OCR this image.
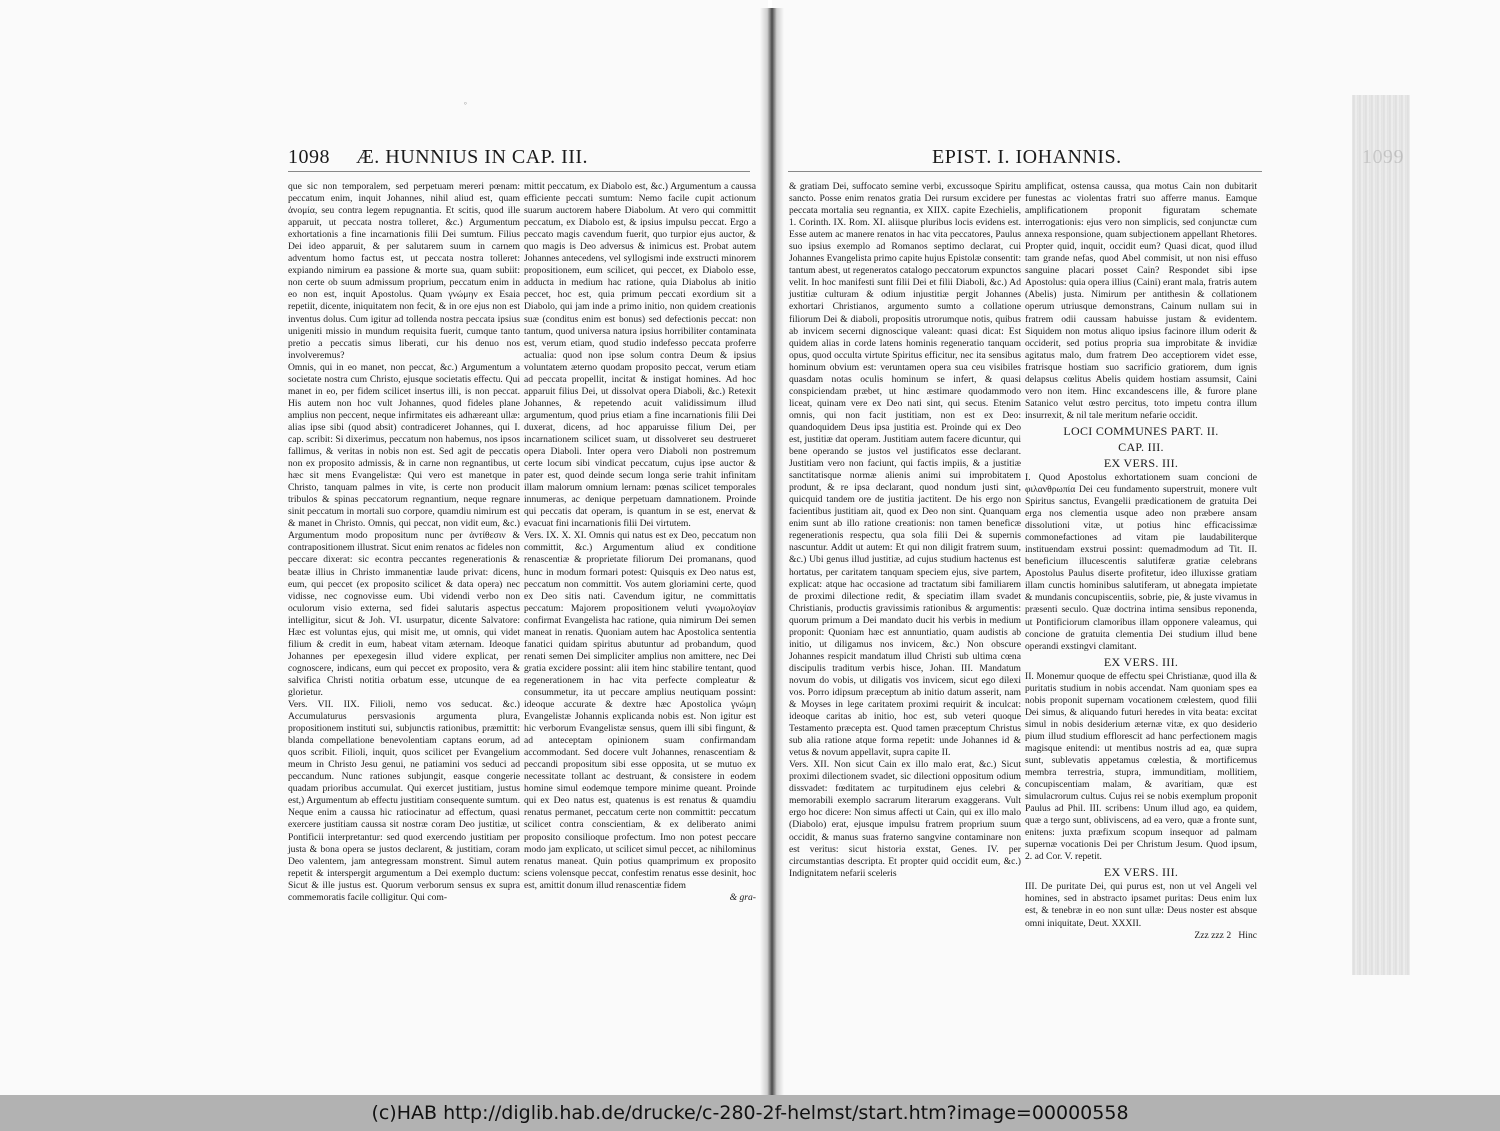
°
1098 Æ. HUNNIUS IN CAP. III.

que sic non temporalem, sed perpetuam mereri pœnam: peccatum enim, inquit Johannes, nihil aliud est, quam ἀνομία, seu contra legem repugnantia. Et scitis, quod ille apparuit, ut peccata nostra tolleret, &c.) Argumentum exhortationis a fine incarnationis filii Dei sumtum. Filius Dei ideo apparuit, & per salutarem suum in carnem adventum homo factus est, ut peccata nostra tolleret: expiando nimirum ea passione & morte sua, quam subiit: non certe ob suum admissum proprium, peccatum enim in eo non est, inquit Apostolus. Quam γνώμην ex Esaia repetiit, dicente, iniquitatem non fecit, & in ore ejus non est inventus dolus. Cum igitur ad tollenda nostra peccata ipsius unigeniti missio in mundum requisita fuerit, cumque tanto pretio a peccatis simus liberati, cur his denuo nos involveremus?

Omnis, qui in eo manet, non peccat, &c.) Argumentum a societate nostra cum Christo, ejusque societatis effectu. Qui manet in eo, per fidem scilicet insertus illi, is non peccat. His autem non hoc vult Johannes, quod fideles plane amplius non peccent, neque infirmitates eis adhæreant ullæ: alias ipse sibi (quod absit) contradiceret Johannes, qui I. cap. scribit: Si dixerimus, peccatum non habemus, nos ipsos fallimus, & veritas in nobis non est. Sed agit de peccatis non ex proposito admissis, & in carne non regnantibus, ut hæc sit mens Evangelistæ: Qui vero est manetque in Christo, tanquam palmes in vite, is certe non producit tribulos & spinas peccatorum regnantium, neque regnare sinit peccatum in mortali suo corpore, quamdiu nimirum est & manet in Christo. Omnis, qui peccat, non vidit eum, &c.) Argumentum modo propositum nunc per ἀντίθεσιν & contrapositionem illustrat. Sicut enim renatos ac fideles non peccare dixerat: sic econtra peccantes regenerationis & beatæ illius in Christo immanentiæ laude privat: dicens, eum, qui peccet (ex proposito scilicet & data opera) nec vidisse, nec cognovisse eum. Ubi videndi verbo non oculorum visio externa, sed fidei salutaris aspectus intelligitur, sicut & Joh. VI. usurpatur, dicente Salvatore: Hæc est voluntas ejus, qui misit me, ut omnis, qui videt filium & credit in eum, habeat vitam æternam. Ideoque Johannes per epexegesin illud videre explicat, per cognoscere, indicans, eum qui peccet ex proposito, vera & salvifica Christi notitia orbatum esse, utcunque de ea glorietur.

Vers. VII. IIX. Filioli, nemo vos seducat. &c.) Accumulaturus persvasionis argumenta plura, propositionem instituti sui, subjunctis rationibus, præmittit: blanda compellatione benevolentiam captans eorum, ad quos scribit. Filioli, inquit, quos scilicet per Evangelium meum in Christo Jesu genui, ne patiamini vos seduci ad peccandum. Nunc rationes subjungit, easque congerie quadam prioribus accumulat. Qui exercet justitiam, justus est,) Argumentum ab effectu justitiam consequente sumtum. Neque enim a caussa hic ratiocinatur ad effectum, quasi exercere justitiam caussa sit nostræ coram Deo justitiæ, ut Pontificii interpretantur: sed quod exercendo justitiam per justa & bona opera se justos declarent, & justitiam, coram Deo valentem, jam antegressam monstrent. Simul autem repetit & interspergit argumentum a Dei exemplo ductum: Sicut & ille justus est. Quorum verborum sensus ex supra commemoratis facile colligitur. Qui com-

mittit peccatum, ex Diabolo est, &c.) Argumentum a caussa efficiente peccati sumtum: Nemo facile cupit actionum suarum auctorem habere Diabolum. At vero qui committit peccatum, ex Diabolo est, & ipsius impulsu peccat. Ergo a peccato magis cavendum fuerit, quo turpior ejus auctor, & quo magis is Deo adversus & inimicus est. Probat autem Johannes antecedens, vel syllogismi inde exstructi minorem propositionem, eum scilicet, qui peccet, ex Diabolo esse, adducta in medium hac ratione, quia Diabolus ab initio peccet, hoc est, quia primum peccati exordium sit a Diabolo, qui jam inde a primo initio, non quidem creationis suæ (conditus enim est bonus) sed defectionis peccat: non tantum, quod universa natura ipsius horribiliter contaminata est, verum etiam, quod studio indefesso peccata proferre actualia: quod non ipse solum contra Deum & ipsius voluntatem æterno quodam proposito peccat, verum etiam ad peccata propellit, incitat & instigat homines. Ad hoc apparuit filius Dei, ut dissolvat opera Diaboli, &c.) Retexit Johannes, & repetendo acuit validissimum illud argumentum, quod prius etiam a fine incarnationis filii Dei duxerat, dicens, ad hoc apparuisse filium Dei, per incarnationem scilicet suam, ut dissolveret seu destrueret opera Diaboli. Inter opera vero Diaboli non postremum certe locum sibi vindicat peccatum, cujus ipse auctor & pater est, quod deinde secum longa serie trahit infinitam illam malorum omnium lernam: pœnas scilicet temporales innumeras, ac denique perpetuam damnationem. Proinde qui peccatis dat operam, is quantum in se est, enervat & evacuat fini incarnationis filii Dei virtutem.

Vers. IX. X. XI. Omnis qui natus est ex Deo, peccatum non committit, &c.) Argumentum aliud ex conditione renascentiæ & proprietate filiorum Dei promanans, quod hunc in modum formari potest: Quisquis ex Deo natus est, peccatum non committit. Vos autem gloriamini certe, quod ex Deo sitis nati. Cavendum igitur, ne committatis peccatum: Majorem propositionem veluti γνωμολογίαν confirmat Evangelista hac ratione, quia nimirum Dei semen maneat in renatis. Quoniam autem hac Apostolica sententia fanatici quidam spiritus abutuntur ad probandum, quod renati semen Dei simpliciter amplius non amittere, nec Dei gratia excidere possint: alii item hinc stabilire tentant, quod regenerationem in hac vita perfecte compleatur & consummetur, ita ut peccare amplius neutiquam possint: ideoque accurate & dextre hæc Apostolica γνώμη Evangelistæ Johannis explicanda nobis est. Non igitur est hic verborum Evangelistæ sensus, quem illi sibi fingunt, & ad anteceptam opinionem suam confirmandam accommodant. Sed docere vult Johannes, renascentiam & peccandi propositum sibi esse opposita, ut se mutuo ex necessitate tollant ac destruant, & consistere in eodem homine simul eodemque tempore minime queant. Proinde qui ex Deo natus est, quatenus is est renatus & quamdiu renatus permanet, peccatum certe non committit: peccatum scilicet contra conscientiam, & ex deliberato animi proposito consilioque profectum. Imo non potest peccare modo jam explicato, ut scilicet simul peccet, ac nihilominus renatus maneat. Quin potius quamprimum ex proposito sciens volensque peccat, confestim renatus esse desinit, hoc est, amittit donum illud renascentiæ fidem

& gra-

EPIST. I. IOHANNIS.

& gratiam Dei, suffocato semine verbi, excussoque Spiritu sancto. Posse enim renatos gratia Dei rursum excidere per peccata mortalia seu regnantia, ex XIIX. capite Ezechielis, 1. Corinth. IX. Rom. XI. aliisque pluribus locis evidens est. Esse autem ac manere renatos in hac vita peccatores, Paulus suo ipsius exemplo ad Romanos septimo declarat, cui Johannes Evangelista primo capite hujus Epistolæ consentit: tantum abest, ut regeneratos catalogo peccatorum expunctos velit. In hoc manifesti sunt filii Dei et filii Diaboli, &c.) Ad justitiæ culturam & odium injustitiæ pergit Johannes exhortari Christianos, argumento sumto a collatione filiorum Dei & diaboli, propositis utrorumque notis, quibus ab invicem secerni dignoscique valeant: quasi dicat: Est quidem alias in corde latens hominis regeneratio tanquam opus, quod occulta virtute Spiritus efficitur, nec ita sensibus hominum obvium est: veruntamen opera sua ceu visibiles quasdam notas oculis hominum se infert, & quasi conspiciendam præbet, ut hinc æstimare quodammodo liceat, quinam vere ex Deo nati sint, qui secus. Etenim omnis, qui non facit justitiam, non est ex Deo: quandoquidem Deus ipsa justitia est. Proinde qui ex Deo est, justitiæ dat operam. Justitiam autem facere dicuntur, qui bene operando se justos vel justificatos esse declarant. Justitiam vero non faciunt, qui factis impiis, & a justitiæ sanctitatisque normæ alienis animi sui improbitatem produnt, & re ipsa declarant, quod nondum justi sint, quicquid tandem ore de justitia jactitent. De his ergo non facientibus justitiam ait, quod ex Deo non sint. Quanquam enim sunt ab illo ratione creationis: non tamen beneficæ regenerationis respectu, qua sola filii Dei & supernis nascuntur. Addit ut autem: Et qui non diligit fratrem suum, &c.) Ubi genus illud justitiæ, ad cujus studium hactenus est hortatus, per caritatem tanquam speciem ejus, sive partem, explicat: atque hac occasione ad tractatum sibi familiarem de proximi dilectione redit, & speciatim illam svadet Christianis, productis gravissimis rationibus & argumentis: quorum primum a Dei mandato ducit his verbis in medium proponit: Quoniam hæc est annuntiatio, quam audistis ab initio, ut diligamus nos invicem, &c.) Non obscure Johannes respicit mandatum illud Christi sub ultima cœna discipulis traditum verbis hisce, Johan. III. Mandatum novum do vobis, ut diligatis vos invicem, sicut ego dilexi vos. Porro idipsum præceptum ab initio datum asserit, nam & Moyses in lege caritatem proximi requirit & inculcat: ideoque caritas ab initio, hoc est, sub veteri quoque Testamento præcepta est. Quod tamen præceptum Christus sub alia ratione atque forma repetit: unde Johannes id & vetus & novum appellavit, supra capite II.

Vers. XII. Non sicut Cain ex illo malo erat, &c.) Sicut proximi dilectionem svadet, sic dilectioni oppositum odium dissvadet: fœditatem ac turpitudinem ejus celebri & memorabili exemplo sacrarum literarum exaggerans. Vult ergo hoc dicere: Non simus affecti ut Cain, qui ex illo malo (Diabolo) erat, ejusque impulsu fratrem proprium suum occidit, & manus suas fraterno sangvine contaminare non est veritus: sicut historia exstat, Genes. IV. per circumstantias descripta. Et propter quid occidit eum, &c.) Indignitatem nefarii sceleris

amplificat, ostensa caussa, qua motus Cain non dubitarit funestas ac violentas fratri suo afferre manus. Eamque amplificationem proponit figuratam schemate interrogationis: ejus vero non simplicis, sed conjunctæ cum annexa responsione, quam subjectionem appellant Rhetores. Propter quid, inquit, occidit eum? Quasi dicat, quod illud tam grande nefas, quod Abel commisit, ut non nisi effuso sanguine placari posset Cain? Respondet sibi ipse Apostolus: quia opera illius (Caini) erant mala, fratris autem (Abelis) justa. Nimirum per antithesin & collationem operum utriusque demonstrans, Cainum nullam sui in fratrem odii caussam habuisse justam & evidentem. Siquidem non motus aliquo ipsius facinore illum oderit & occiderit, sed potius propria sua improbitate & invidiæ agitatus malo, dum fratrem Deo acceptiorem videt esse, fratrisque hostiam suo sacrificio gratiorem, dum ignis delapsus cœlitus Abelis quidem hostiam assumsit, Caini vero non item. Hinc excandescens ille, & furore plane Satanico velut œstro percitus, toto impetu contra illum insurrexit, & nil tale meritum nefarie occidit.

LOCI COMMUNES PART. II.
CAP. III.
EX VERS. III.

I. Quod Apostolus exhortationem suam concioni de φιλανθρωπία Dei ceu fundamento superstruit, monere vult Spiritus sanctus, Evangelii prædicationem de gratuita Dei erga nos clementia usque adeo non præbere ansam dissolutioni vitæ, ut potius hinc efficacissimæ commonefactiones ad vitam pie laudabiliterque instituendam exstrui possint: quemadmodum ad Tit. II. beneficium illucescentis salutiferæ gratiæ celebrans Apostolus Paulus diserte profitetur, ideo illuxisse gratiam illam cunctis hominibus salutiferam, ut abnegata impietate & mundanis concupiscentiis, sobrie, pie, & juste vivamus in præsenti seculo. Quæ doctrina intima sensibus reponenda, ut Pontificiorum clamoribus illam opponere valeamus, qui concione de gratuita clementia Dei studium illud bene operandi exstingvi clamitant.

EX VERS. III.

II. Monemur quoque de effectu spei Christianæ, quod illa & puritatis studium in nobis accendat. Nam quoniam spes ea nobis proponit supernam vocationem cœlestem, quod filii Dei simus, & aliquando futuri heredes in vita beata: excitat simul in nobis desiderium æternæ vitæ, ex quo desiderio pium illud studium efflorescit ad hanc perfectionem magis magisque enitendi: ut mentibus nostris ad ea, quæ supra sunt, sublevatis appetamus cœlestia, & mortificemus membra terrestria, stupra, immunditiam, mollitiem, concupiscentiam malam, & avaritiam, quæ est simulacrorum cultus. Cujus rei se nobis exemplum proponit Paulus ad Phil. III. scribens: Unum illud ago, ea quidem, quæ a tergo sunt, obliviscens, ad ea vero, quæ a fronte sunt, enitens: juxta præfixum scopum insequor ad palmam supernæ vocationis Dei per Christum Jesum. Quod ipsum, 2. ad Cor. V. repetit.

EX VERS. III.

III. De puritate Dei, qui purus est, non ut vel Angeli vel homines, sed in abstracto ipsamet puritas: Deus enim lux est, & tenebræ in eo non sunt ullæ: Deus noster est absque omni iniquitate, Deut. XXXII.

Zzz zzz 2 Hinc

(c)HAB http://diglib.hab.de/drucke/c-280-2f-helmst/start.htm?image=00000558
